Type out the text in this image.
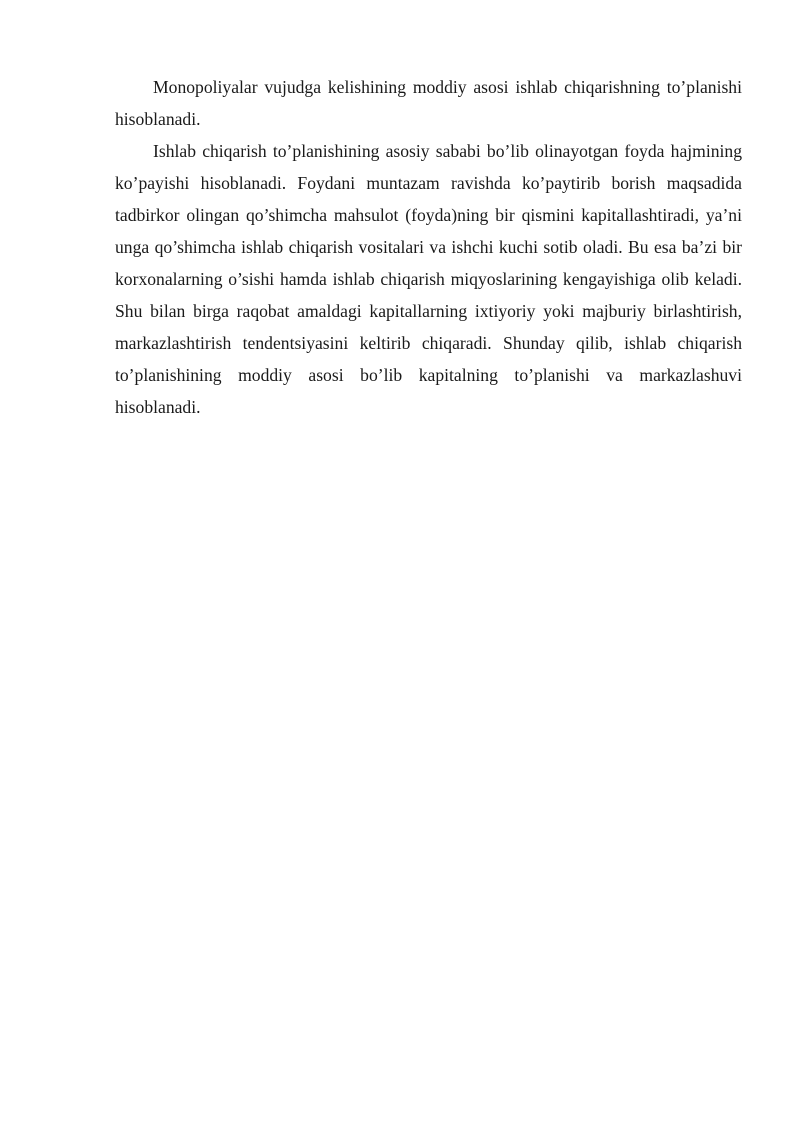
Monopoliyalar vujudga kelishining moddiy asosi ishlab chiqarishning to’planishi hisoblanadi.

Ishlab chiqarish to’planishining asosiy sababi bo’lib olinayotgan foyda hajmining ko’payishi hisoblanadi. Foydani muntazam ravishda ko’paytirib borish maqsadida tadbirkor olingan qo’shimcha mahsulot (foyda)ning bir qismini kapitallashtiradi, ya’ni unga qo’shimcha ishlab chiqarish vositalari va ishchi kuchi sotib oladi. Bu esa ba’zi bir korxonalarning o’sishi hamda ishlab chiqarish miqyoslarining kengayishiga olib keladi. Shu bilan birga raqobat amaldagi kapitallarning ixtiyoriy yoki majburiy birlashtirish, markazlashtirish tendentsiyasini keltirib chiqaradi. Shunday qilib, ishlab chiqarish to’planishining moddiy asosi bo’lib kapitalning to’planishi va markazlashuvi hisoblanadi.
